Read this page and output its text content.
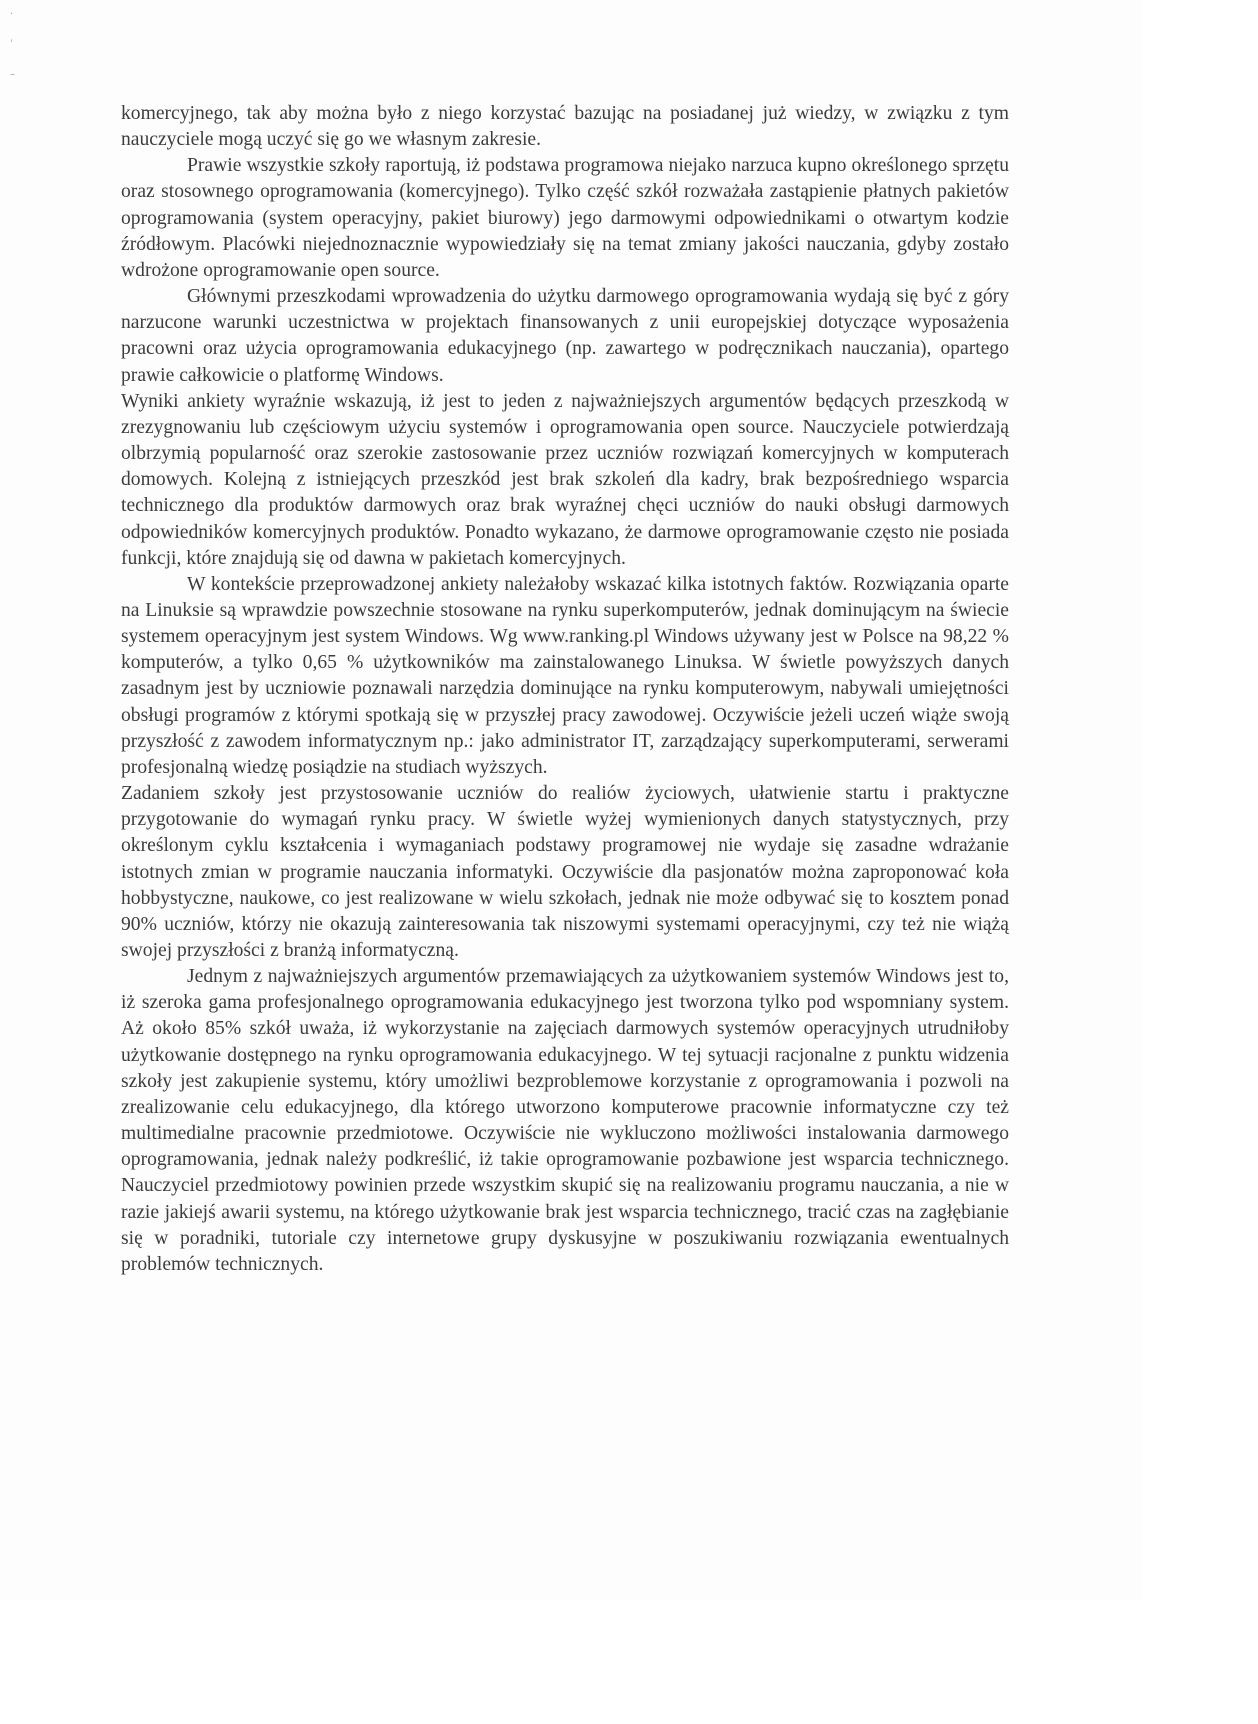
·
ˈ
–

komercyjnego, tak aby można było z niego korzystać bazując na posiadanej już wiedzy, w związku z tym nauczyciele mogą uczyć się go we własnym zakresie.

Prawie wszystkie szkoły raportują, iż podstawa programowa niejako narzuca kupno określonego sprzętu oraz stosownego oprogramowania (komercyjnego). Tylko część szkół rozważała zastąpienie płatnych pakietów oprogramowania (system operacyjny, pakiet biurowy) jego darmowymi odpowiednikami o otwartym kodzie źródłowym. Placówki niejednoznacznie wypowiedziały się na temat zmiany jakości nauczania, gdyby zostało wdrożone oprogramowanie open source.

Głównymi przeszkodami wprowadzenia do użytku darmowego oprogramowania wydają się być z góry narzucone warunki uczestnictwa w projektach finansowanych z unii europejskiej dotyczące wyposażenia pracowni oraz użycia oprogramowania edukacyjnego (np. zawartego w podręcznikach nauczania), opartego prawie całkowicie o platformę Windows.

Wyniki ankiety wyraźnie wskazują, iż jest to jeden z najważniejszych argumentów będących przeszkodą w zrezygnowaniu lub częściowym użyciu systemów i oprogramowania open source. Nauczyciele potwierdzają olbrzymią popularność oraz szerokie zastosowanie przez uczniów rozwiązań komercyjnych w komputerach domowych. Kolejną z istniejących przeszkód jest brak szkoleń dla kadry, brak bezpośredniego wsparcia technicznego dla produktów darmowych oraz brak wyraźnej chęci uczniów do nauki obsługi darmowych odpowiedników komercyjnych produktów. Ponadto wykazano, że darmowe oprogramowanie często nie posiada funkcji, które znajdują się od dawna w pakietach komercyjnych.

W kontekście przeprowadzonej ankiety należałoby wskazać kilka istotnych faktów. Rozwiązania oparte na Linuksie są wprawdzie powszechnie stosowane na rynku superkomputerów, jednak dominującym na świecie systemem operacyjnym jest system Windows. Wg www.ranking.pl Windows używany jest w Polsce na 98,22 % komputerów, a tylko 0,65 % użytkowników ma zainstalowanego Linuksa. W świetle powyższych danych zasadnym jest by uczniowie poznawali narzędzia dominujące na rynku komputerowym, nabywali umiejętności obsługi programów z którymi spotkają się w przyszłej pracy zawodowej. Oczywiście jeżeli uczeń wiąże swoją przyszłość z zawodem informatycznym np.: jako administrator IT, zarządzający superkomputerami, serwerami profesjonalną wiedzę posiądzie na studiach wyższych.

Zadaniem szkoły jest przystosowanie uczniów do realiów życiowych, ułatwienie startu i praktyczne przygotowanie do wymagań rynku pracy. W świetle wyżej wymienionych danych statystycznych, przy określonym cyklu kształcenia i wymaganiach podstawy programowej nie wydaje się zasadne wdrażanie istotnych zmian w programie nauczania informatyki. Oczywiście dla pasjonatów można zaproponować koła hobbystyczne, naukowe, co jest realizowane w wielu szkołach, jednak nie może odbywać się to kosztem ponad 90% uczniów, którzy nie okazują zainteresowania tak niszowymi systemami operacyjnymi, czy też nie wiążą swojej przyszłości z branżą informatyczną.

Jednym z najważniejszych argumentów przemawiających za użytkowaniem systemów Windows jest to, iż szeroka gama profesjonalnego oprogramowania edukacyjnego jest tworzona tylko pod wspomniany system. Aż około 85% szkół uważa, iż wykorzystanie na zajęciach darmowych systemów operacyjnych utrudniłoby użytkowanie dostępnego na rynku oprogramowania edukacyjnego. W tej sytuacji racjonalne z punktu widzenia szkoły jest zakupienie systemu, który umożliwi bezproblemowe korzystanie z oprogramowania i pozwoli na zrealizowanie celu edukacyjnego, dla którego utworzono komputerowe pracownie informatyczne czy też multimedialne pracownie przedmiotowe. Oczywiście nie wykluczono możliwości instalowania darmowego oprogramowania, jednak należy podkreślić, iż takie oprogramowanie pozbawione jest wsparcia technicznego. Nauczyciel przedmiotowy powinien przede wszystkim skupić się na realizowaniu programu nauczania, a nie w razie jakiejś awarii systemu, na którego użytkowanie brak jest wsparcia technicznego, tracić czas na zagłębianie się w poradniki, tutoriale czy internetowe grupy dyskusyjne w poszukiwaniu rozwiązania ewentualnych problemów technicznych.
